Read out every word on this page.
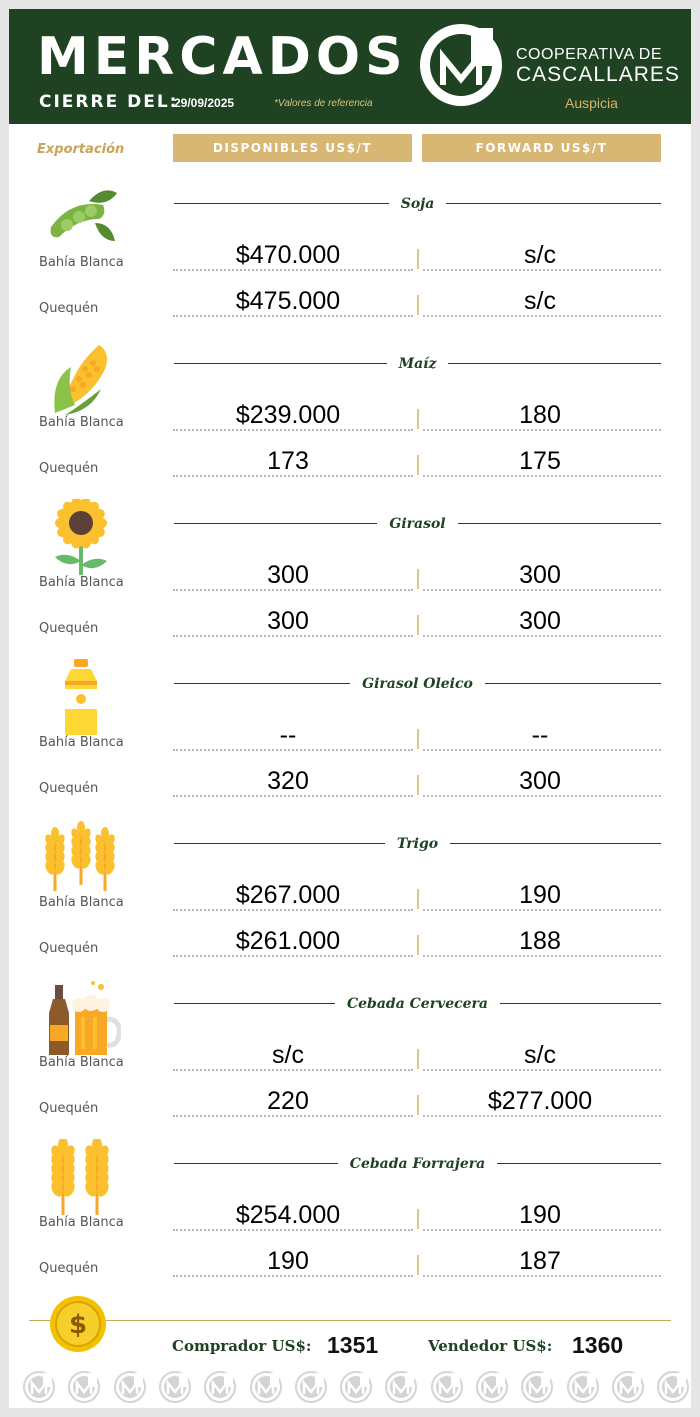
MERCADOS
CIERRE DEL:
29/09/2025	*Valores de referencia
COOPERATIVA DE
CASCALLARES
Auspicia
Exportación	DISPONIBLES US$/T	FORWARD US$/T
Soja
Bahía Blanca	$470.000	s/c
Quequén	$475.000	s/c
Maíz
Bahía Blanca	$239.000	180
Quequén	173	175
Girasol
Bahía Blanca	300	300
Quequén	300	300
Girasol Oleico
Bahía Blanca	--	--
Quequén	320	300
Trigo
Bahía Blanca	$267.000	190
Quequén	$261.000	188
Cebada Cervecera
Bahía Blanca	s/c	s/c
Quequén	220	$277.000
Cebada Forrajera
Bahía Blanca	$254.000	190
Quequén	190	187
$
Comprador US$: 1351	Vendedor US$: 1360
